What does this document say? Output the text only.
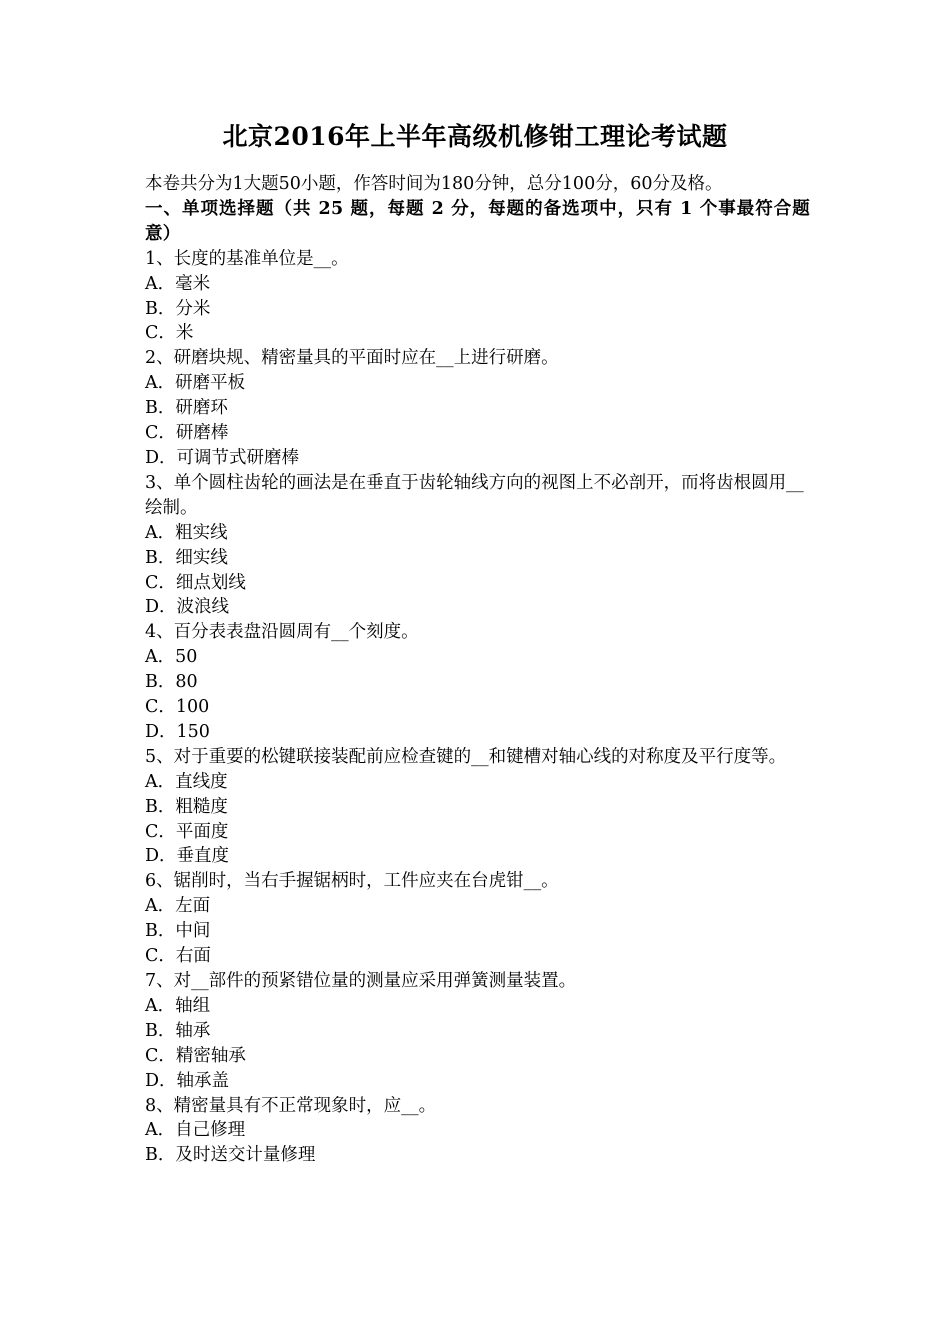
北京2016年上半年高级机修钳工理论考试题
本卷共分为1大题50小题，作答时间为180分钟，总分100分，60分及格。
一、单项选择题（共 25 题，每题 2 分，每题的备选项中，只有 1 个事最符合题意）
1、长度的基准单位是__。
A．毫米
B．分米
C．米
2、研磨块规、精密量具的平面时应在__上进行研磨。
A．研磨平板
B．研磨环
C．研磨棒
D．可调节式研磨棒
3、单个圆柱齿轮的画法是在垂直于齿轮轴线方向的视图上不必剖开，而将齿根圆用__绘制。
A．粗实线
B．细实线
C．细点划线
D．波浪线
4、百分表表盘沿圆周有__个刻度。
A．50
B．80
C．100
D．150
5、对于重要的松键联接装配前应检查键的__和键槽对轴心线的对称度及平行度等。
A．直线度
B．粗糙度
C．平面度
D．垂直度
6、锯削时，当右手握锯柄时，工件应夹在台虎钳__。
A．左面
B．中间
C．右面
7、对__部件的预紧错位量的测量应采用弹簧测量装置。
A．轴组
B．轴承
C．精密轴承
D．轴承盖
8、精密量具有不正常现象时，应__。
A．自己修理
B．及时送交计量修理
